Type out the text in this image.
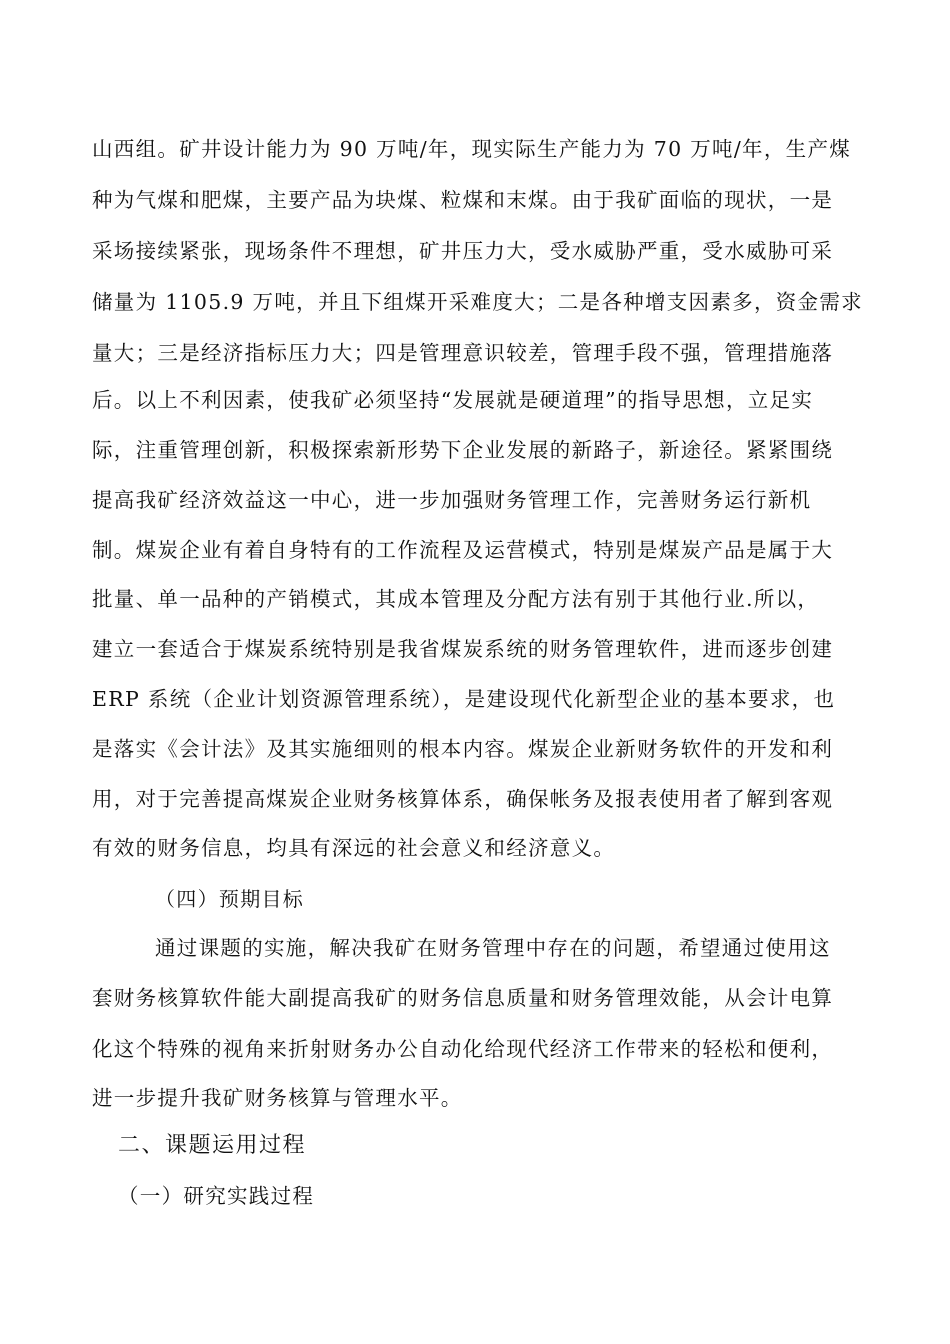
山西组。矿井设计能力为 90 万吨/年，现实际生产能力为 70 万吨/年，生产煤
种为气煤和肥煤，主要产品为块煤、粒煤和末煤。由于我矿面临的现状，一是
采场接续紧张，现场条件不理想，矿井压力大，受水威胁严重，受水威胁可采
储量为 1105.9 万吨，并且下组煤开采难度大；二是各种增支因素多，资金需求
量大；三是经济指标压力大；四是管理意识较差，管理手段不强，管理措施落
后。以上不利因素，使我矿必须坚持“发展就是硬道理”的指导思想，立足实
际，注重管理创新，积极探索新形势下企业发展的新路子，新途径。紧紧围绕
提高我矿经济效益这一中心，进一步加强财务管理工作，完善财务运行新机
制。煤炭企业有着自身特有的工作流程及运营模式，特别是煤炭产品是属于大
批量、单一品种的产销模式，其成本管理及分配方法有别于其他行业.所以，
建立一套适合于煤炭系统特别是我省煤炭系统的财务管理软件，进而逐步创建
ERP 系统（企业计划资源管理系统），是建设现代化新型企业的基本要求，也
是落实《会计法》及其实施细则的根本内容。煤炭企业新财务软件的开发和利
用，对于完善提高煤炭企业财务核算体系，确保帐务及报表使用者了解到客观
有效的财务信息，均具有深远的社会意义和经济意义。
（四）预期目标
通过课题的实施，解决我矿在财务管理中存在的问题，希望通过使用这
套财务核算软件能大副提高我矿的财务信息质量和财务管理效能，从会计电算
化这个特殊的视角来折射财务办公自动化给现代经济工作带来的轻松和便利，
进一步提升我矿财务核算与管理水平。
二、课题运用过程
（一）研究实践过程
